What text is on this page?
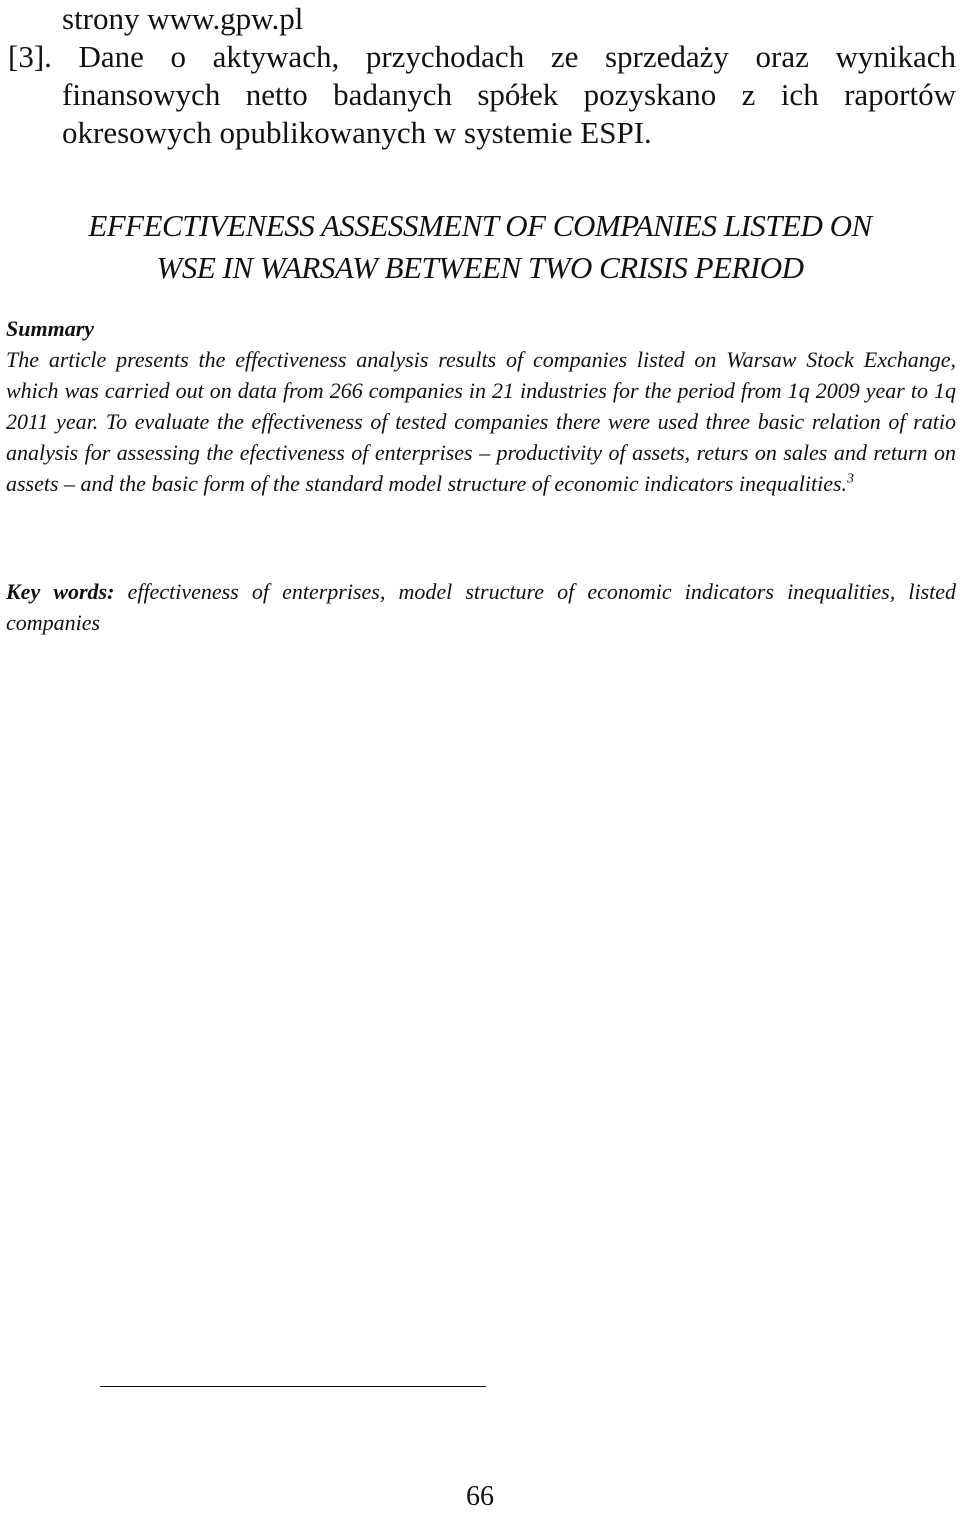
strony www.gpw.pl
[3]. Dane o aktywach, przychodach ze sprzedaży oraz wynikach
finansowych netto badanych spółek pozyskano z ich raportów
okresowych opublikowanych w systemie ESPI.
EFFECTIVENESS ASSESSMENT OF COMPANIES LISTED ON
WSE IN WARSAW BETWEEN TWO CRISIS PERIOD
Summary
The article presents the effectiveness analysis results of companies listed on Warsaw Stock Exchange, which was carried out on data from 266 companies in 21 industries for the period from 1q 2009 year to 1q 2011 year. To evaluate the effectiveness of tested companies there were used three basic relation of ratio analysis for assessing the efectiveness of enterprises – productivity of assets, returs on sales and return on assets – and the basic form of the standard model structure of economic indicators inequalities.$^3$
Key words: effectiveness of enterprises, model structure of economic indicators inequalities, listed companies
66
